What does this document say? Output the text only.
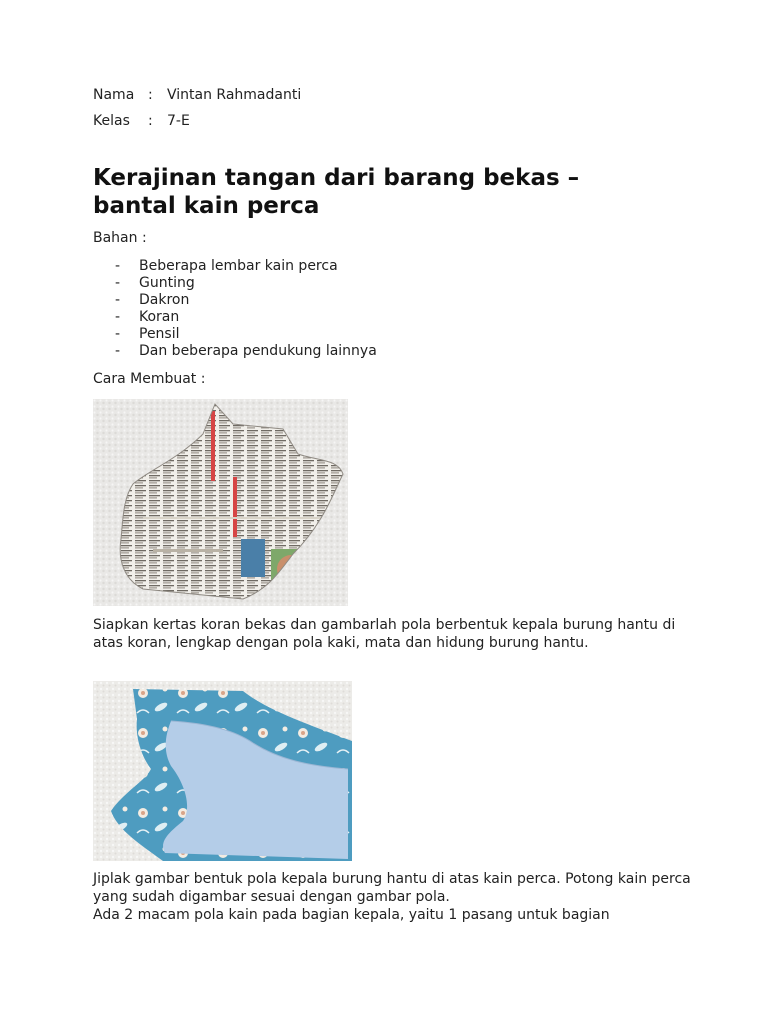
Nama : Vintan Rahmadanti
Kelas : 7-E
Kerajinan tangan dari barang bekas – bantal kain perca
Bahan :
- Beberapa lembar kain perca
- Gunting
- Dakron
- Koran
- Pensil
- Dan beberapa pendukung lainnya
Cara Membuat :

Siapkan kertas koran bekas dan gambarlah pola berbentuk kepala burung hantu di atas koran, lengkap dengan pola kaki, mata dan hidung burung hantu.

Jiplak gambar bentuk pola kepala burung hantu di atas kain perca. Potong kain perca yang sudah digambar sesuai dengan gambar pola.

Ada 2 macam pola kain pada bagian kepala, yaitu 1 pasang untuk bagian
